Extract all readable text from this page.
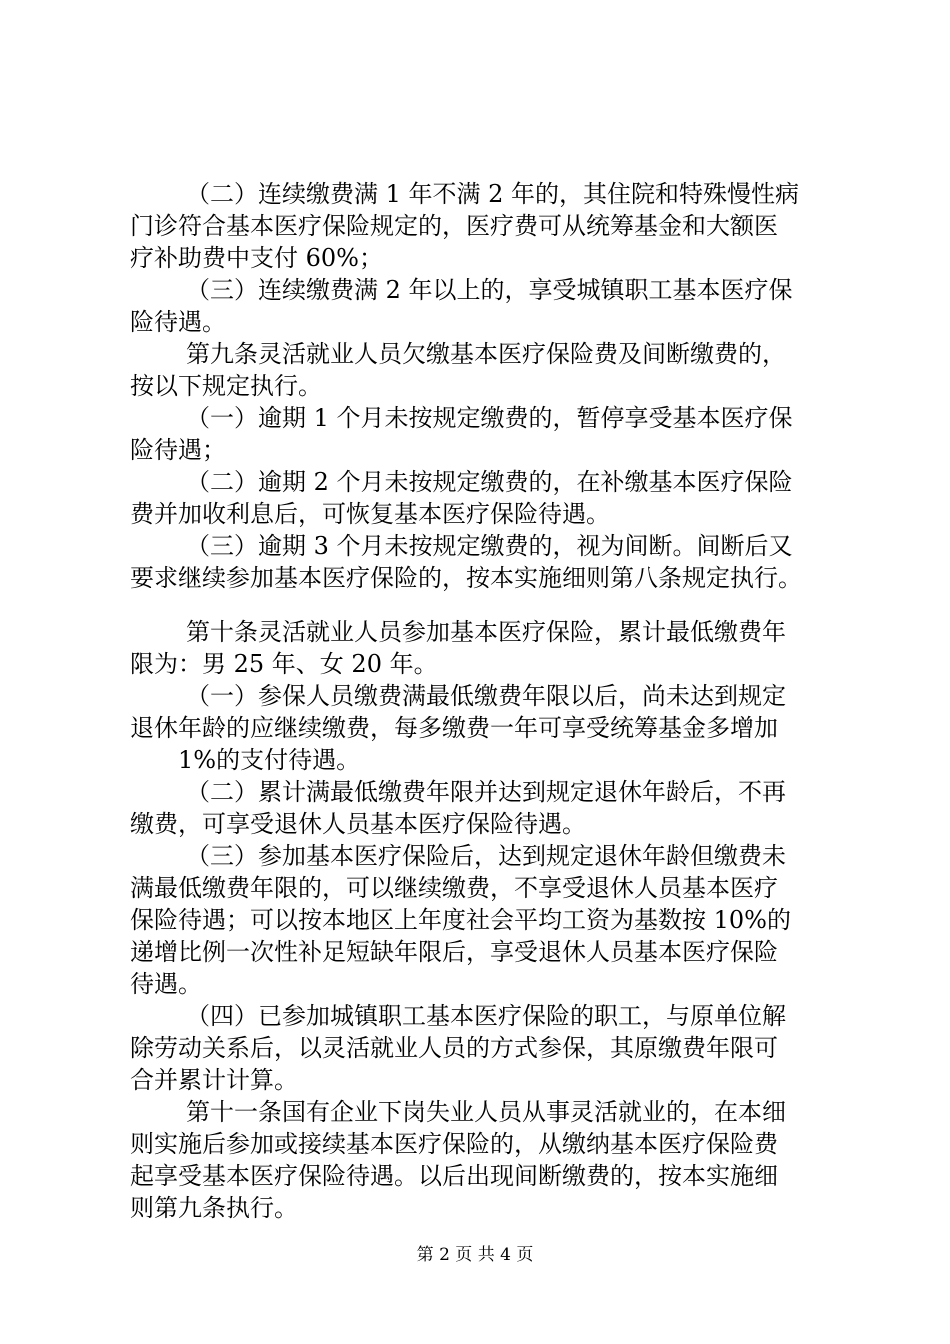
（二）连续缴费满 1 年不满 2 年的，其住院和特殊慢性病
门诊符合基本医疗保险规定的，医疗费可从统筹基金和大额医
疗补助费中支付 60%；
（三）连续缴费满 2 年以上的，享受城镇职工基本医疗保
险待遇。
第九条灵活就业人员欠缴基本医疗保险费及间断缴费的，
按以下规定执行。
（一）逾期 1 个月未按规定缴费的，暂停享受基本医疗保
险待遇；
（二）逾期 2 个月未按规定缴费的，在补缴基本医疗保险
费并加收利息后，可恢复基本医疗保险待遇。
（三）逾期 3 个月未按规定缴费的，视为间断。间断后又
要求继续参加基本医疗保险的，按本实施细则第八条规定执行。
第十条灵活就业人员参加基本医疗保险，累计最低缴费年
限为：男 25 年、女 20 年。
（一）参保人员缴费满最低缴费年限以后，尚未达到规定
退休年龄的应继续缴费，每多缴费一年可享受统筹基金多增加
1%的支付待遇。
（二）累计满最低缴费年限并达到规定退休年龄后，不再
缴费，可享受退休人员基本医疗保险待遇。
（三）参加基本医疗保险后，达到规定退休年龄但缴费未
满最低缴费年限的，可以继续缴费，不享受退休人员基本医疗
保险待遇；可以按本地区上年度社会平均工资为基数按 10%的
递增比例一次性补足短缺年限后，享受退休人员基本医疗保险
待遇。
（四）已参加城镇职工基本医疗保险的职工，与原单位解
除劳动关系后，以灵活就业人员的方式参保，其原缴费年限可
合并累计计算。
第十一条国有企业下岗失业人员从事灵活就业的，在本细
则实施后参加或接续基本医疗保险的，从缴纳基本医疗保险费
起享受基本医疗保险待遇。以后出现间断缴费的，按本实施细
则第九条执行。
第 2 页 共 4 页
